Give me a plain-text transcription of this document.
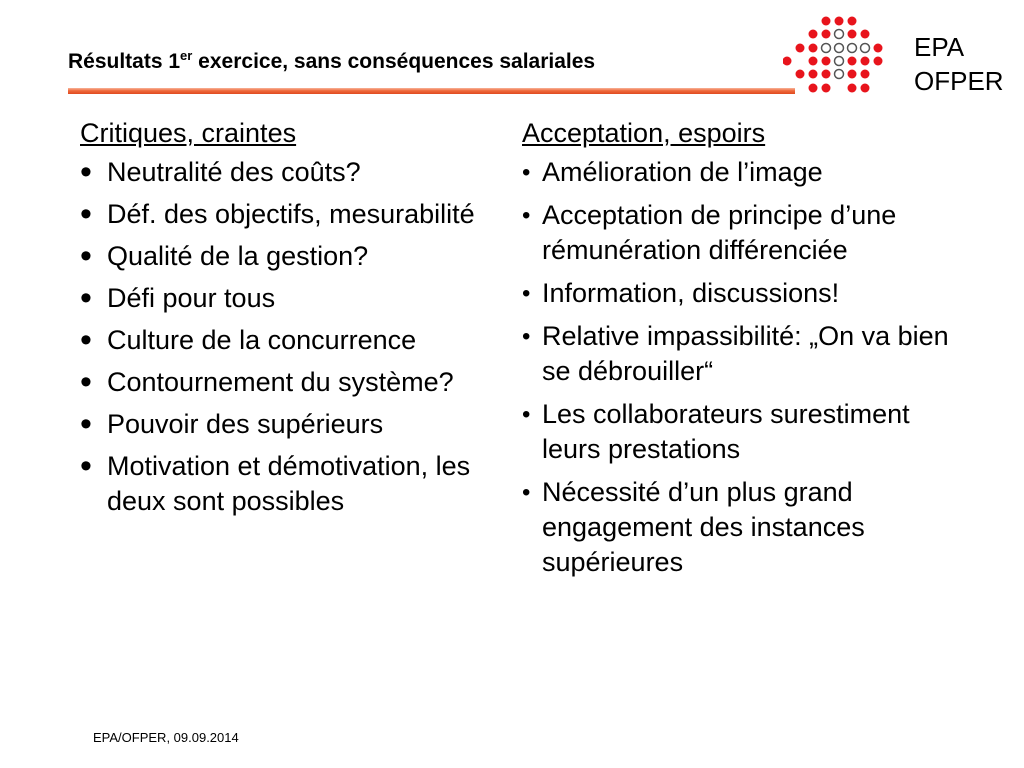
Résultats 1er exercice, sans conséquences salariales	EPA
OFPER
Critiques, craintes
• Neutralité des coûts?
• Déf. des objectifs, mesurabilité
• Qualité de la gestion?
• Défi pour tous
• Culture de la concurrence
• Contournement du système?
• Pouvoir des supérieurs
• Motivation et démotivation, les deux sont possibles
Acceptation, espoirs
• Amélioration de l’image
• Acceptation de principe d’une rémunération différenciée
• Information, discussions!
• Relative impassibilité: „On va bien se débrouiller“
• Les collaborateurs surestiment leurs prestations
• Nécessité d’un plus grand engagement des instances supérieures
EPA/OFPER, 09.09.2014
